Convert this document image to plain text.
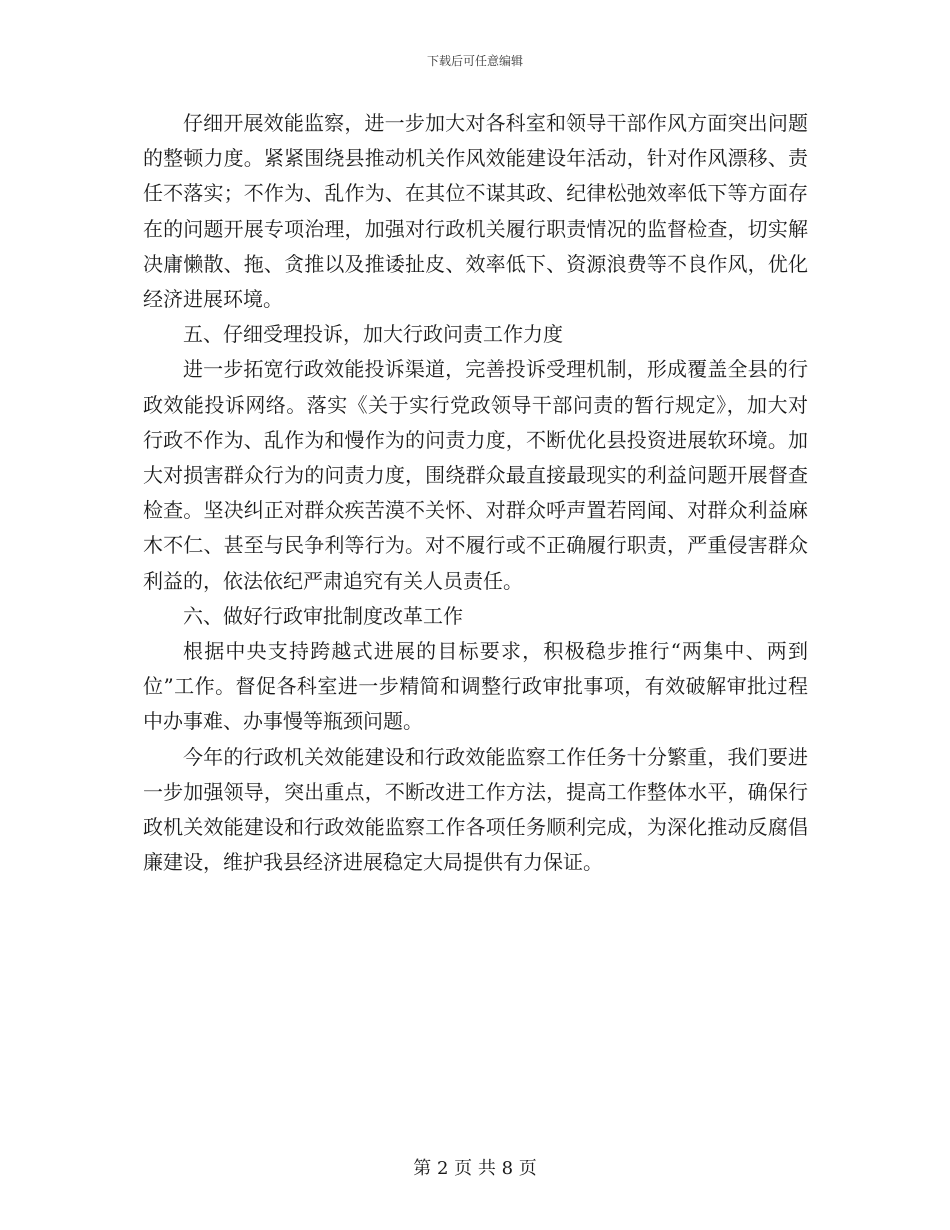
下载后可任意编辑

仔细开展效能监察，进一步加大对各科室和领导干部作风方面突出问题的整顿力度。紧紧围绕县推动机关作风效能建设年活动，针对作风漂移、责任不落实；不作为、乱作为、在其位不谋其政、纪律松弛效率低下等方面存在的问题开展专项治理，加强对行政机关履行职责情况的监督检查，切实解决庸懒散、拖、贪推以及推诿扯皮、效率低下、资源浪费等不良作风，优化经济进展环境。

五、仔细受理投诉，加大行政问责工作力度

进一步拓宽行政效能投诉渠道，完善投诉受理机制，形成覆盖全县的行政效能投诉网络。落实《关于实行党政领导干部问责的暂行规定》，加大对行政不作为、乱作为和慢作为的问责力度，不断优化县投资进展软环境。加大对损害群众行为的问责力度，围绕群众最直接最现实的利益问题开展督查检查。坚决纠正对群众疾苦漠不关怀、对群众呼声置若罔闻、对群众利益麻木不仁、甚至与民争利等行为。对不履行或不正确履行职责，严重侵害群众利益的，依法依纪严肃追究有关人员责任。

六、做好行政审批制度改革工作

根据中央支持跨越式进展的目标要求，积极稳步推行“两集中、两到位”工作。督促各科室进一步精简和调整行政审批事项，有效破解审批过程中办事难、办事慢等瓶颈问题。

今年的行政机关效能建设和行政效能监察工作任务十分繁重，我们要进一步加强领导，突出重点，不断改进工作方法，提高工作整体水平，确保行政机关效能建设和行政效能监察工作各项任务顺利完成，为深化推动反腐倡廉建设，维护我县经济进展稳定大局提供有力保证。

第 2 页 共 8 页
